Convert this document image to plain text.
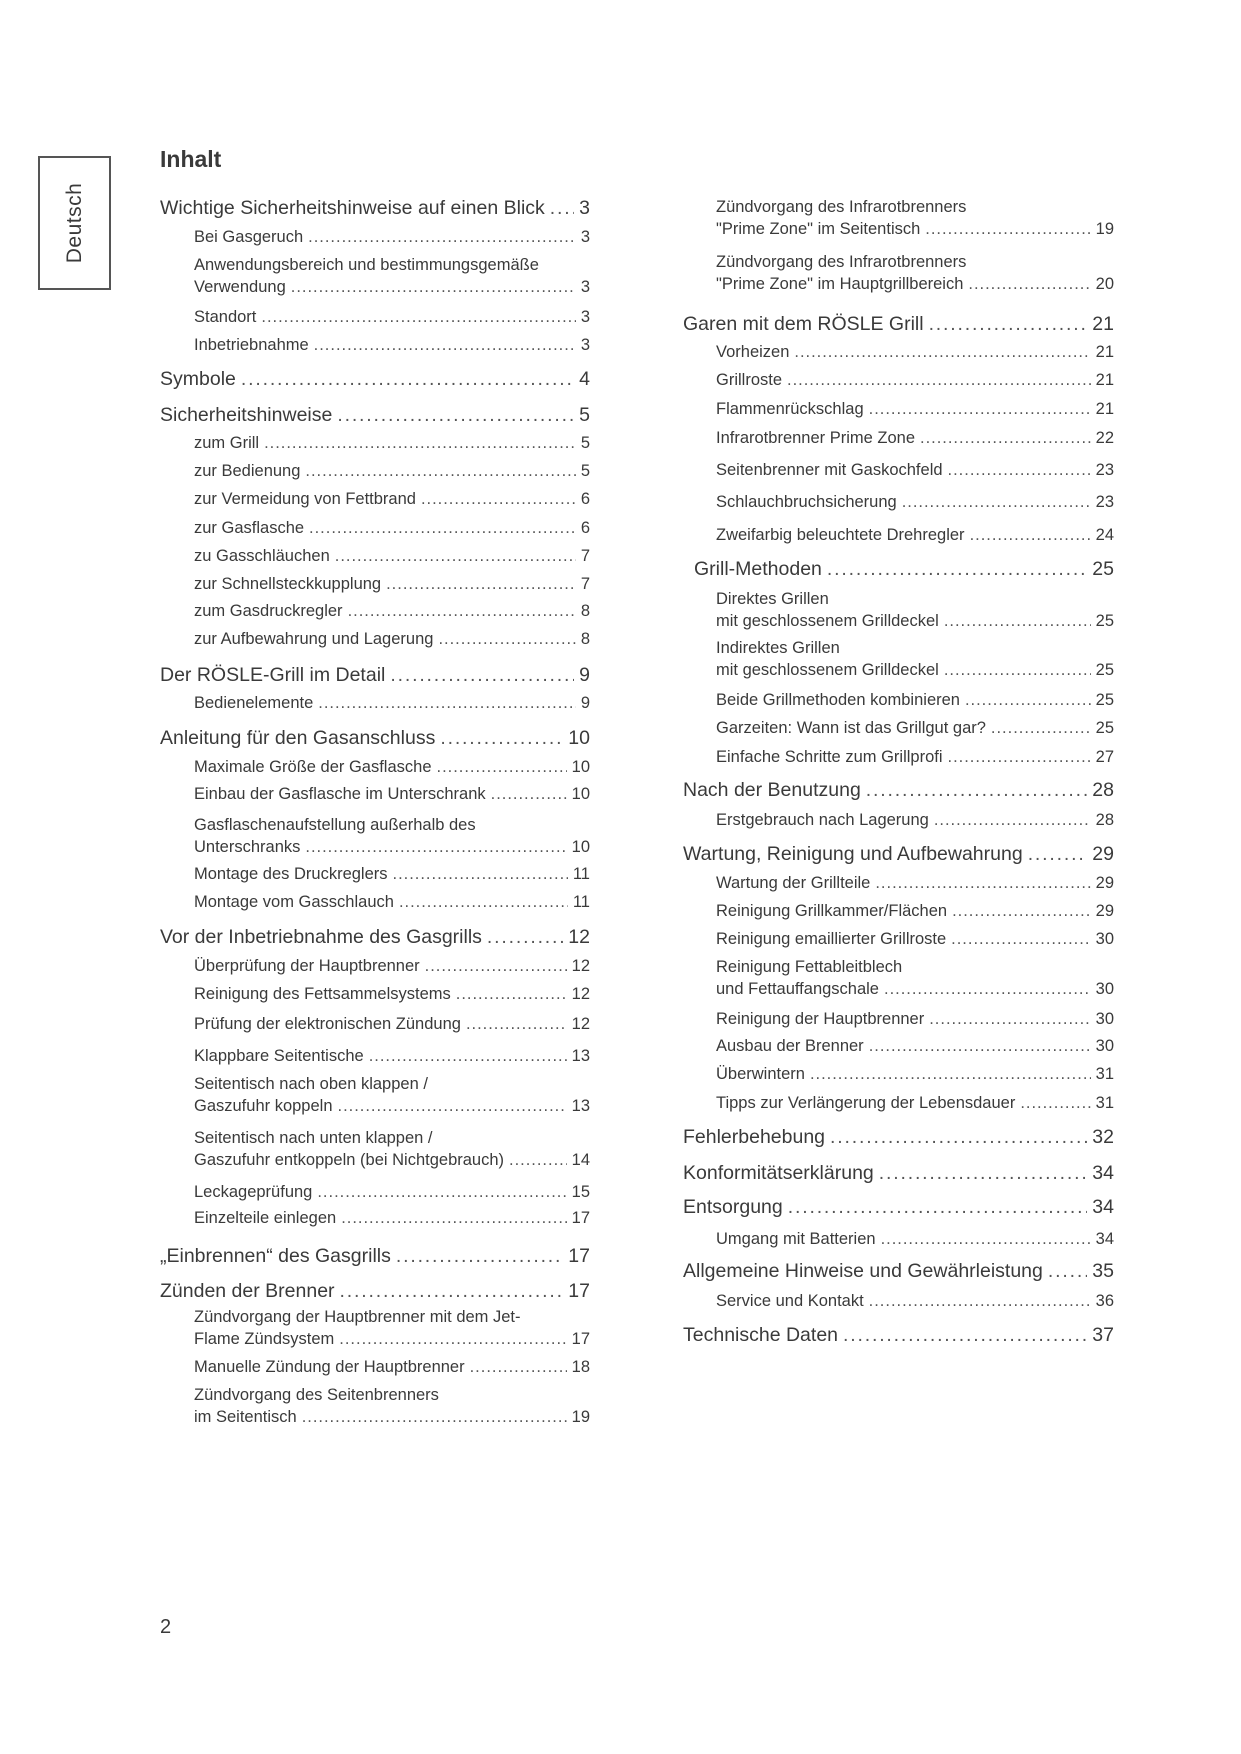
Deutsch
Inhalt
Wichtige Sicherheitshinweise auf einen Blick . . . 3
Bei Gasgeruch . . .	3
Anwendungsbereich und bestimmungsgemäße
Verwendung . . .	3
Standort . . .	3
Inbetriebnahme . . .	3
Symbole . . .	4
Sicherheitshinweise . . .	5
zum Grill . . .	5
zur Bedienung . . .	5
zur Vermeidung von Fettbrand . . .	6
zur Gasflasche . . .	6
zu Gasschläuchen . . .	7
zur Schnellsteckkupplung . . .	7
zum Gasdruckregler . . .	8
zur Aufbewahrung und Lagerung . . .	8
Der RÖSLE-Grill im Detail . . .	9
Bedienelemente . . .	9
Anleitung für den Gasanschluss . . .	10
Maximale Größe der Gasflasche . . .	10
Einbau der Gasflasche im Unterschrank . . .	10
Gasflaschenaufstellung außerhalb des
Unterschranks . . .	10
Montage des Druckreglers . . .	11
Montage vom Gasschlauch . . .	11
Vor der Inbetriebnahme des Gasgrills . . .	12
Überprüfung der Hauptbrenner . . .	12
Reinigung des Fettsammelsystems . . .	12
Prüfung der elektronischen Zündung . . .	12
Klappbare Seitentische . . .	13
Seitentisch nach oben klappen /
Gaszufuhr koppeln . . .	13
Seitentisch nach unten klappen /
Gaszufuhr entkoppeln (bei Nichtgebrauch) . . .	14
Leckageprüfung . . .	15
Einzelteile einlegen . . .	17
„Einbrennen“ des Gasgrills . . .	17
Zünden der Brenner . . .	17
Zündvorgang der Hauptbrenner mit dem Jet-
Flame Zündsystem . . .	17
Manuelle Zündung der Hauptbrenner . . .	18
Zündvorgang des Seitenbrenners
im Seitentisch . . .	19
Zündvorgang des Infrarotbrenners
"Prime Zone" im Seitentisch . . .	19
Zündvorgang des Infrarotbrenners
"Prime Zone" im Hauptgrillbereich . . .	20
Garen mit dem RÖSLE Grill . . .	21
Vorheizen . . .	21
Grillroste . . .	21
Flammenrückschlag . . .	21
Infrarotbrenner Prime Zone . . .	22
Seitenbrenner mit Gaskochfeld . . .	23
Schlauchbruchsicherung . . .	23
Zweifarbig beleuchtete Drehregler . . .	24
Grill-Methoden . . .	25
Direktes Grillen
mit geschlossenem Grilldeckel . . .	25
Indirektes Grillen
mit geschlossenem Grilldeckel . . .	25
Beide Grillmethoden kombinieren . . .	25
Garzeiten: Wann ist das Grillgut gar? . . .	25
Einfache Schritte zum Grillprofi . . .	27
Nach der Benutzung . . .	28
Erstgebrauch nach Lagerung . . .	28
Wartung, Reinigung und Aufbewahrung . . .	29
Wartung der Grillteile . . .	29
Reinigung Grillkammer/Flächen . . .	29
Reinigung emaillierter Grillroste . . .	30
Reinigung Fettableitblech
und Fettauffangschale . . .	30
Reinigung der Hauptbrenner . . .	30
Ausbau der Brenner . . .	30
Überwintern . . .	31
Tipps zur Verlängerung der Lebensdauer . . .	31
Fehlerbehebung . . .	32
Konformitätserklärung . . .	34
Entsorgung . . .	34
Umgang mit Batterien . . .	34
Allgemeine Hinweise und Gewährleistung . . .	35
Service und Kontakt . . .	36
Technische Daten . . .	37
2
